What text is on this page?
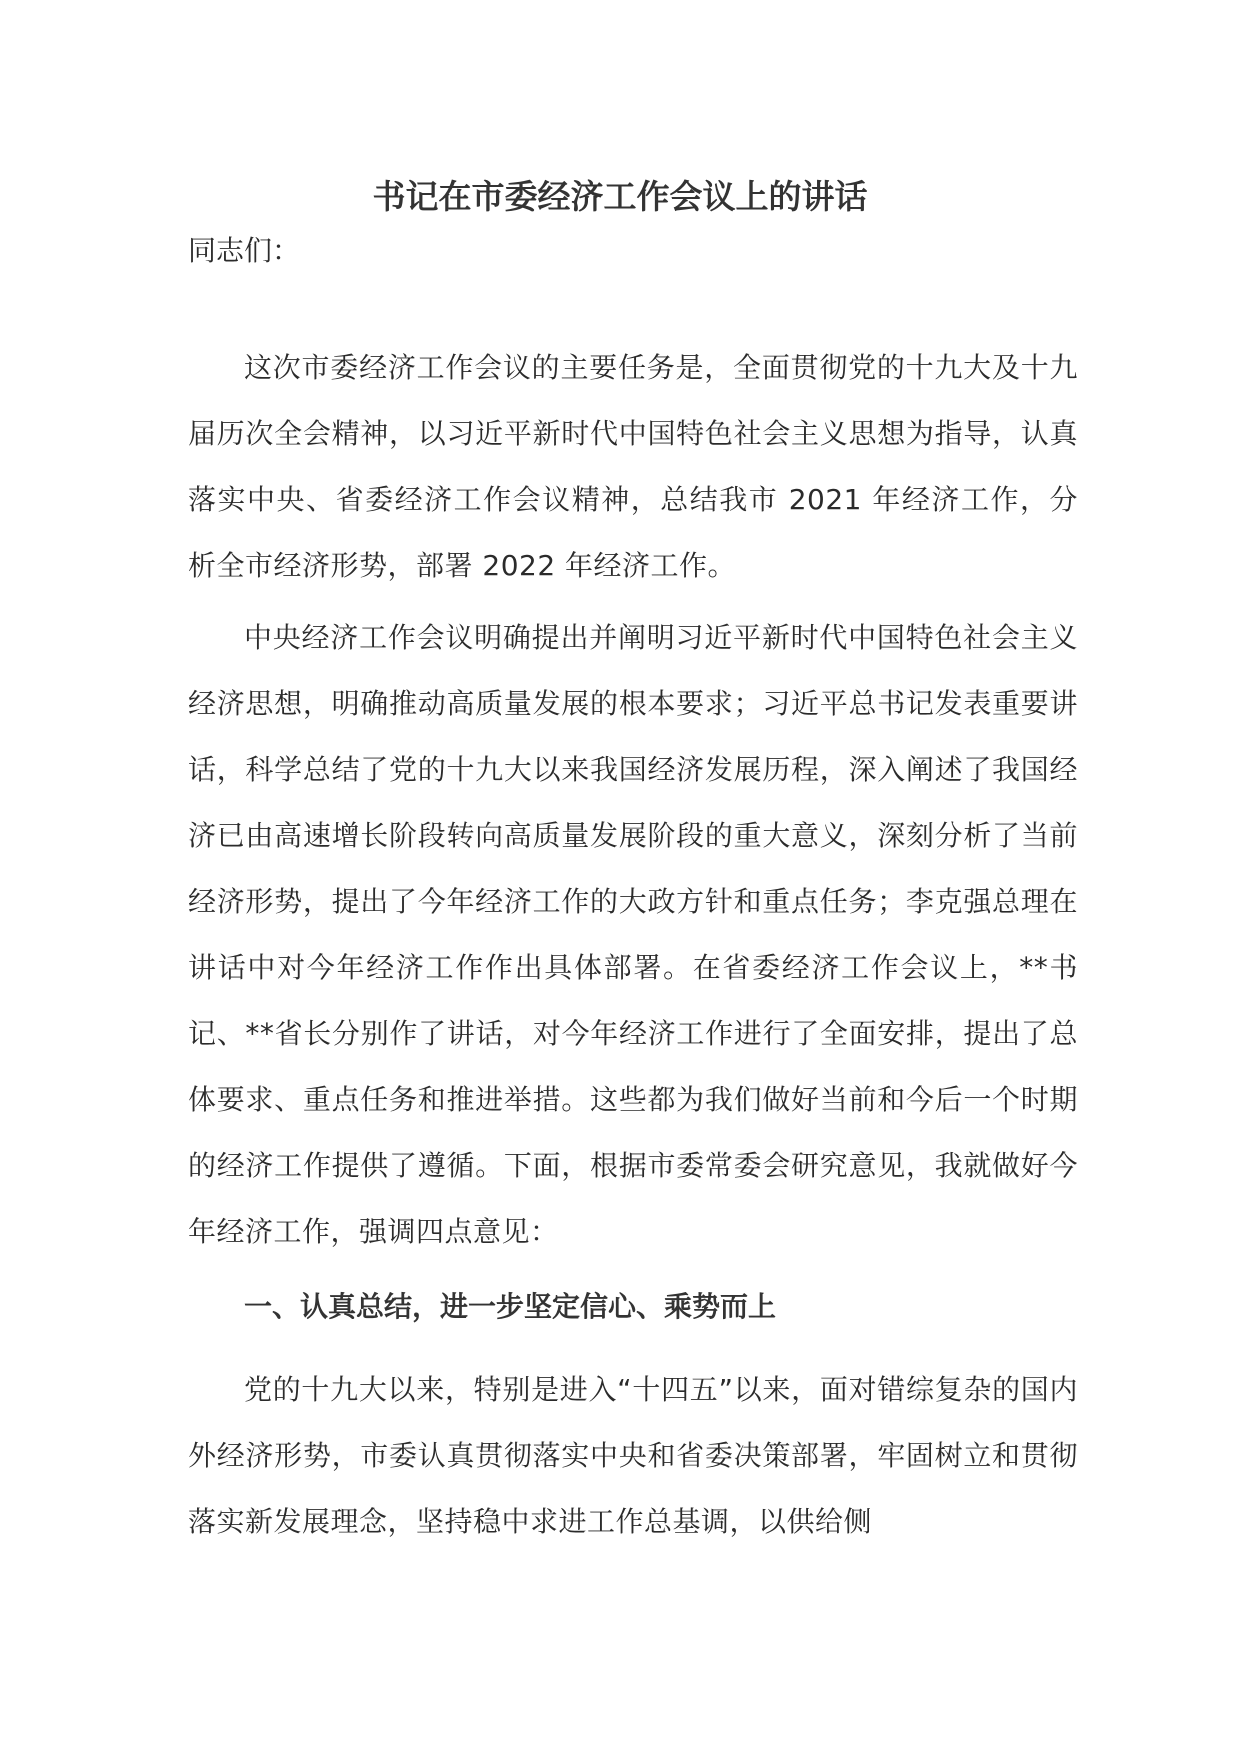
书记在市委经济工作会议上的讲话

同志们：

这次市委经济工作会议的主要任务是，全面贯彻党的十九大及十九届历次全会精神，以习近平新时代中国特色社会主义思想为指导，认真落实中央、省委经济工作会议精神，总结我市 2021 年经济工作，分析全市经济形势，部署 2022 年经济工作。

中央经济工作会议明确提出并阐明习近平新时代中国特色社会主义经济思想，明确推动高质量发展的根本要求；习近平总书记发表重要讲话，科学总结了党的十九大以来我国经济发展历程，深入阐述了我国经济已由高速增长阶段转向高质量发展阶段的重大意义，深刻分析了当前经济形势，提出了今年经济工作的大政方针和重点任务；李克强总理在讲话中对今年经济工作作出具体部署。在省委经济工作会议上，**书记、**省长分别作了讲话，对今年经济工作进行了全面安排，提出了总体要求、重点任务和推进举措。这些都为我们做好当前和今后一个时期的经济工作提供了遵循。下面，根据市委常委会研究意见，我就做好今年经济工作，强调四点意见：

一、认真总结，进一步坚定信心、乘势而上

党的十九大以来，特别是进入“十四五”以来，面对错综复杂的国内外经济形势，市委认真贯彻落实中央和省委决策部署，牢固树立和贯彻落实新发展理念，坚持稳中求进工作总基调，以供给侧
